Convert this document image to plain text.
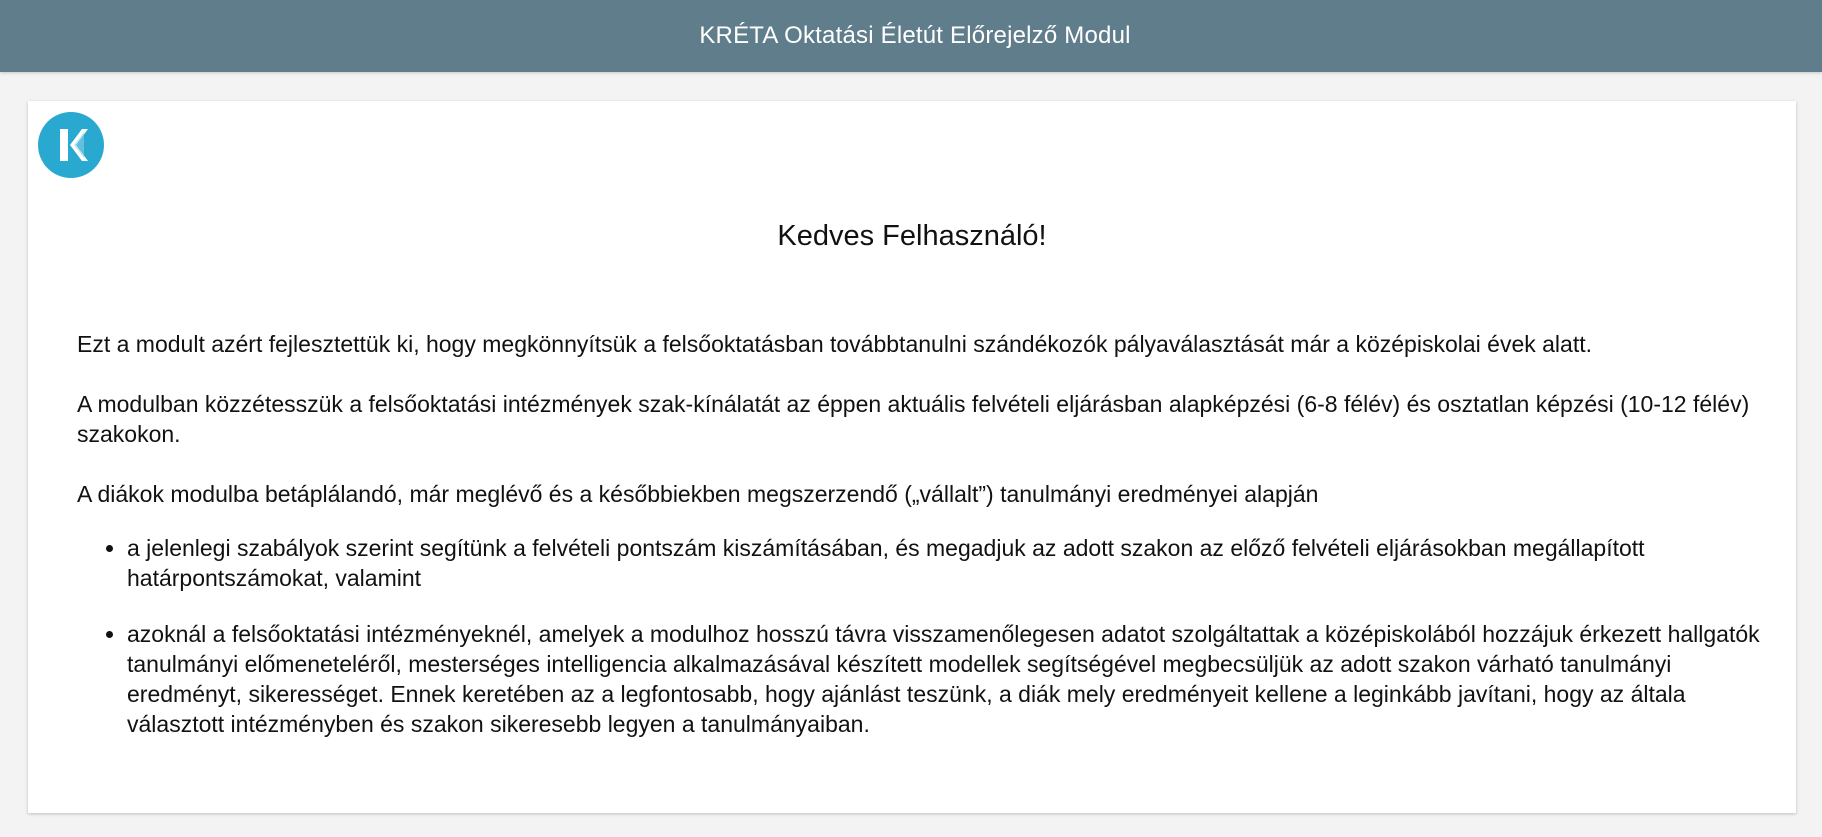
KRÉTA Oktatási Életút Előrejelző Modul
Kedves Felhasználó!

Ezt a modult azért fejlesztettük ki, hogy megkönnyítsük a felsőoktatásban továbbtanulni szándékozók pályaválasztását már a középiskolai évek alatt.

A modulban közzétesszük a felsőoktatási intézmények szak-kínálatát az éppen aktuális felvételi eljárásban alapképzési (6-8 félév) és osztatlan képzési (10-12 félév) szakokon.

A diákok modulba betáplálandó, már meglévő és a későbbiekben megszerzendő („vállalt”) tanulmányi eredményei alapján

• a jelenlegi szabályok szerint segítünk a felvételi pontszám kiszámításában, és megadjuk az adott szakon az előző felvételi eljárásokban megállapított határpontszámokat, valamint
• azoknál a felsőoktatási intézményeknél, amelyek a modulhoz hosszú távra visszamenőlegesen adatot szolgáltattak a középiskolából hozzájuk érkezett hallgatók tanulmányi előmeneteléről, mesterséges intelligencia alkalmazásával készített modellek segítségével megbecsüljük az adott szakon várható tanulmányi eredményt, sikerességet. Ennek keretében az a legfontosabb, hogy ajánlást teszünk, a diák mely eredményeit kellene a leginkább javítani, hogy az általa választott intézményben és szakon sikeresebb legyen a tanulmányaiban.
